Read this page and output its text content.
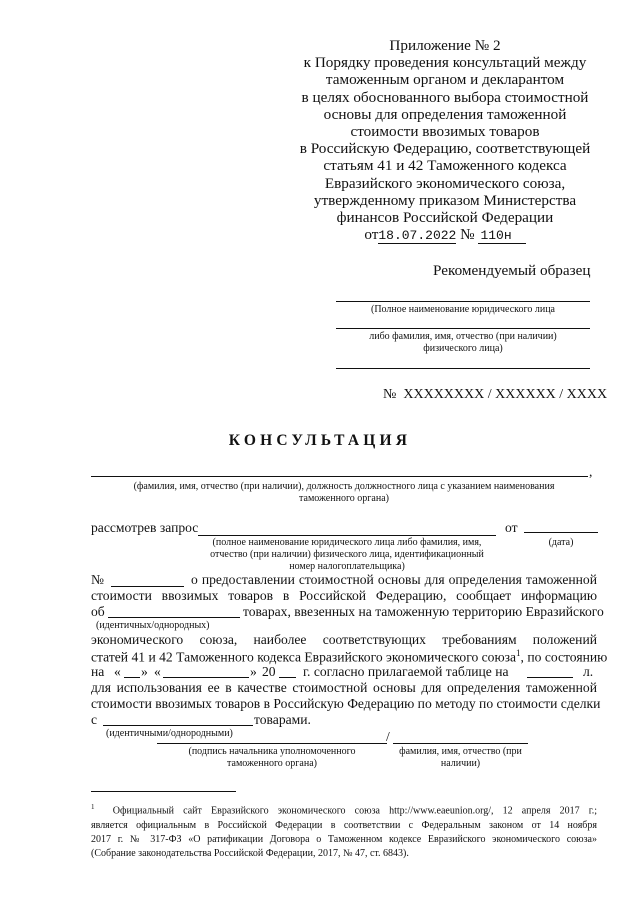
Приложение № 2
к Порядку проведения консультаций между
таможенным органом и декларантом
в целях обоснованного выбора стоимостной
основы для определения таможенной
стоимости ввозимых товаров
в Российскую Федерацию, соответствующей
статьям 41 и 42 Таможенного кодекса
Евразийского экономического союза,
утвержденному приказом Министерства
финансов Российской Федерации
от18.07.2022 № 110н
Рекомендуемый образец
(Полное наименование юридического лица
либо фамилия, имя, отчество (при наличии)
физического лица)
№  XXXXXXXX / XXXXXX / XXXX
КОНСУЛЬТАЦИЯ
,
(фамилия, имя, отчество (при наличии), должность должностного лица с указанием наименования
таможенного органа)
рассмотрев запрос	от
(полное наименование юридического лица либо фамилия, имя,
отчество (при наличии) физического лица, идентификационный
номер налогоплательщика)
(дата)
№	о предоставлении стоимостной основы для определения таможенной
стоимости ввозимых товаров в Российской Федерацию, сообщает информацию
об	товарах, ввезенных на таможенную территорию Евразийского
(идентичных/однородных)
экономического союза, наиболее соответствующих требованиям положений
статей 41 и 42 Таможенного кодекса Евразийского экономического союза$^1$, по состоянию
на « » «	» 20 г. согласно прилагаемой таблице на	л.
для использования ее в качестве стоимостной основы для определения таможенной
стоимости ввозимых товаров в Российскую Федерацию по методу по стоимости сделки
с	товарами.
(идентичными/однородными)	/
(подпись начальника уполномоченного
таможенного органа)
фамилия, имя, отчество (при
наличии)
$^1$ Официальный сайт Евразийского экономического союза http://www.eaeunion.org/, 12 апреля 2017 г.;
является официальным в Российской Федерации в соответствии с Федеральным законом от 14 ноября
2017 г. № 317-ФЗ «О ратификации Договора о Таможенном кодексе Евразийского экономического союза»
(Собрание законодательства Российской Федерации, 2017, № 47, ст. 6843).
